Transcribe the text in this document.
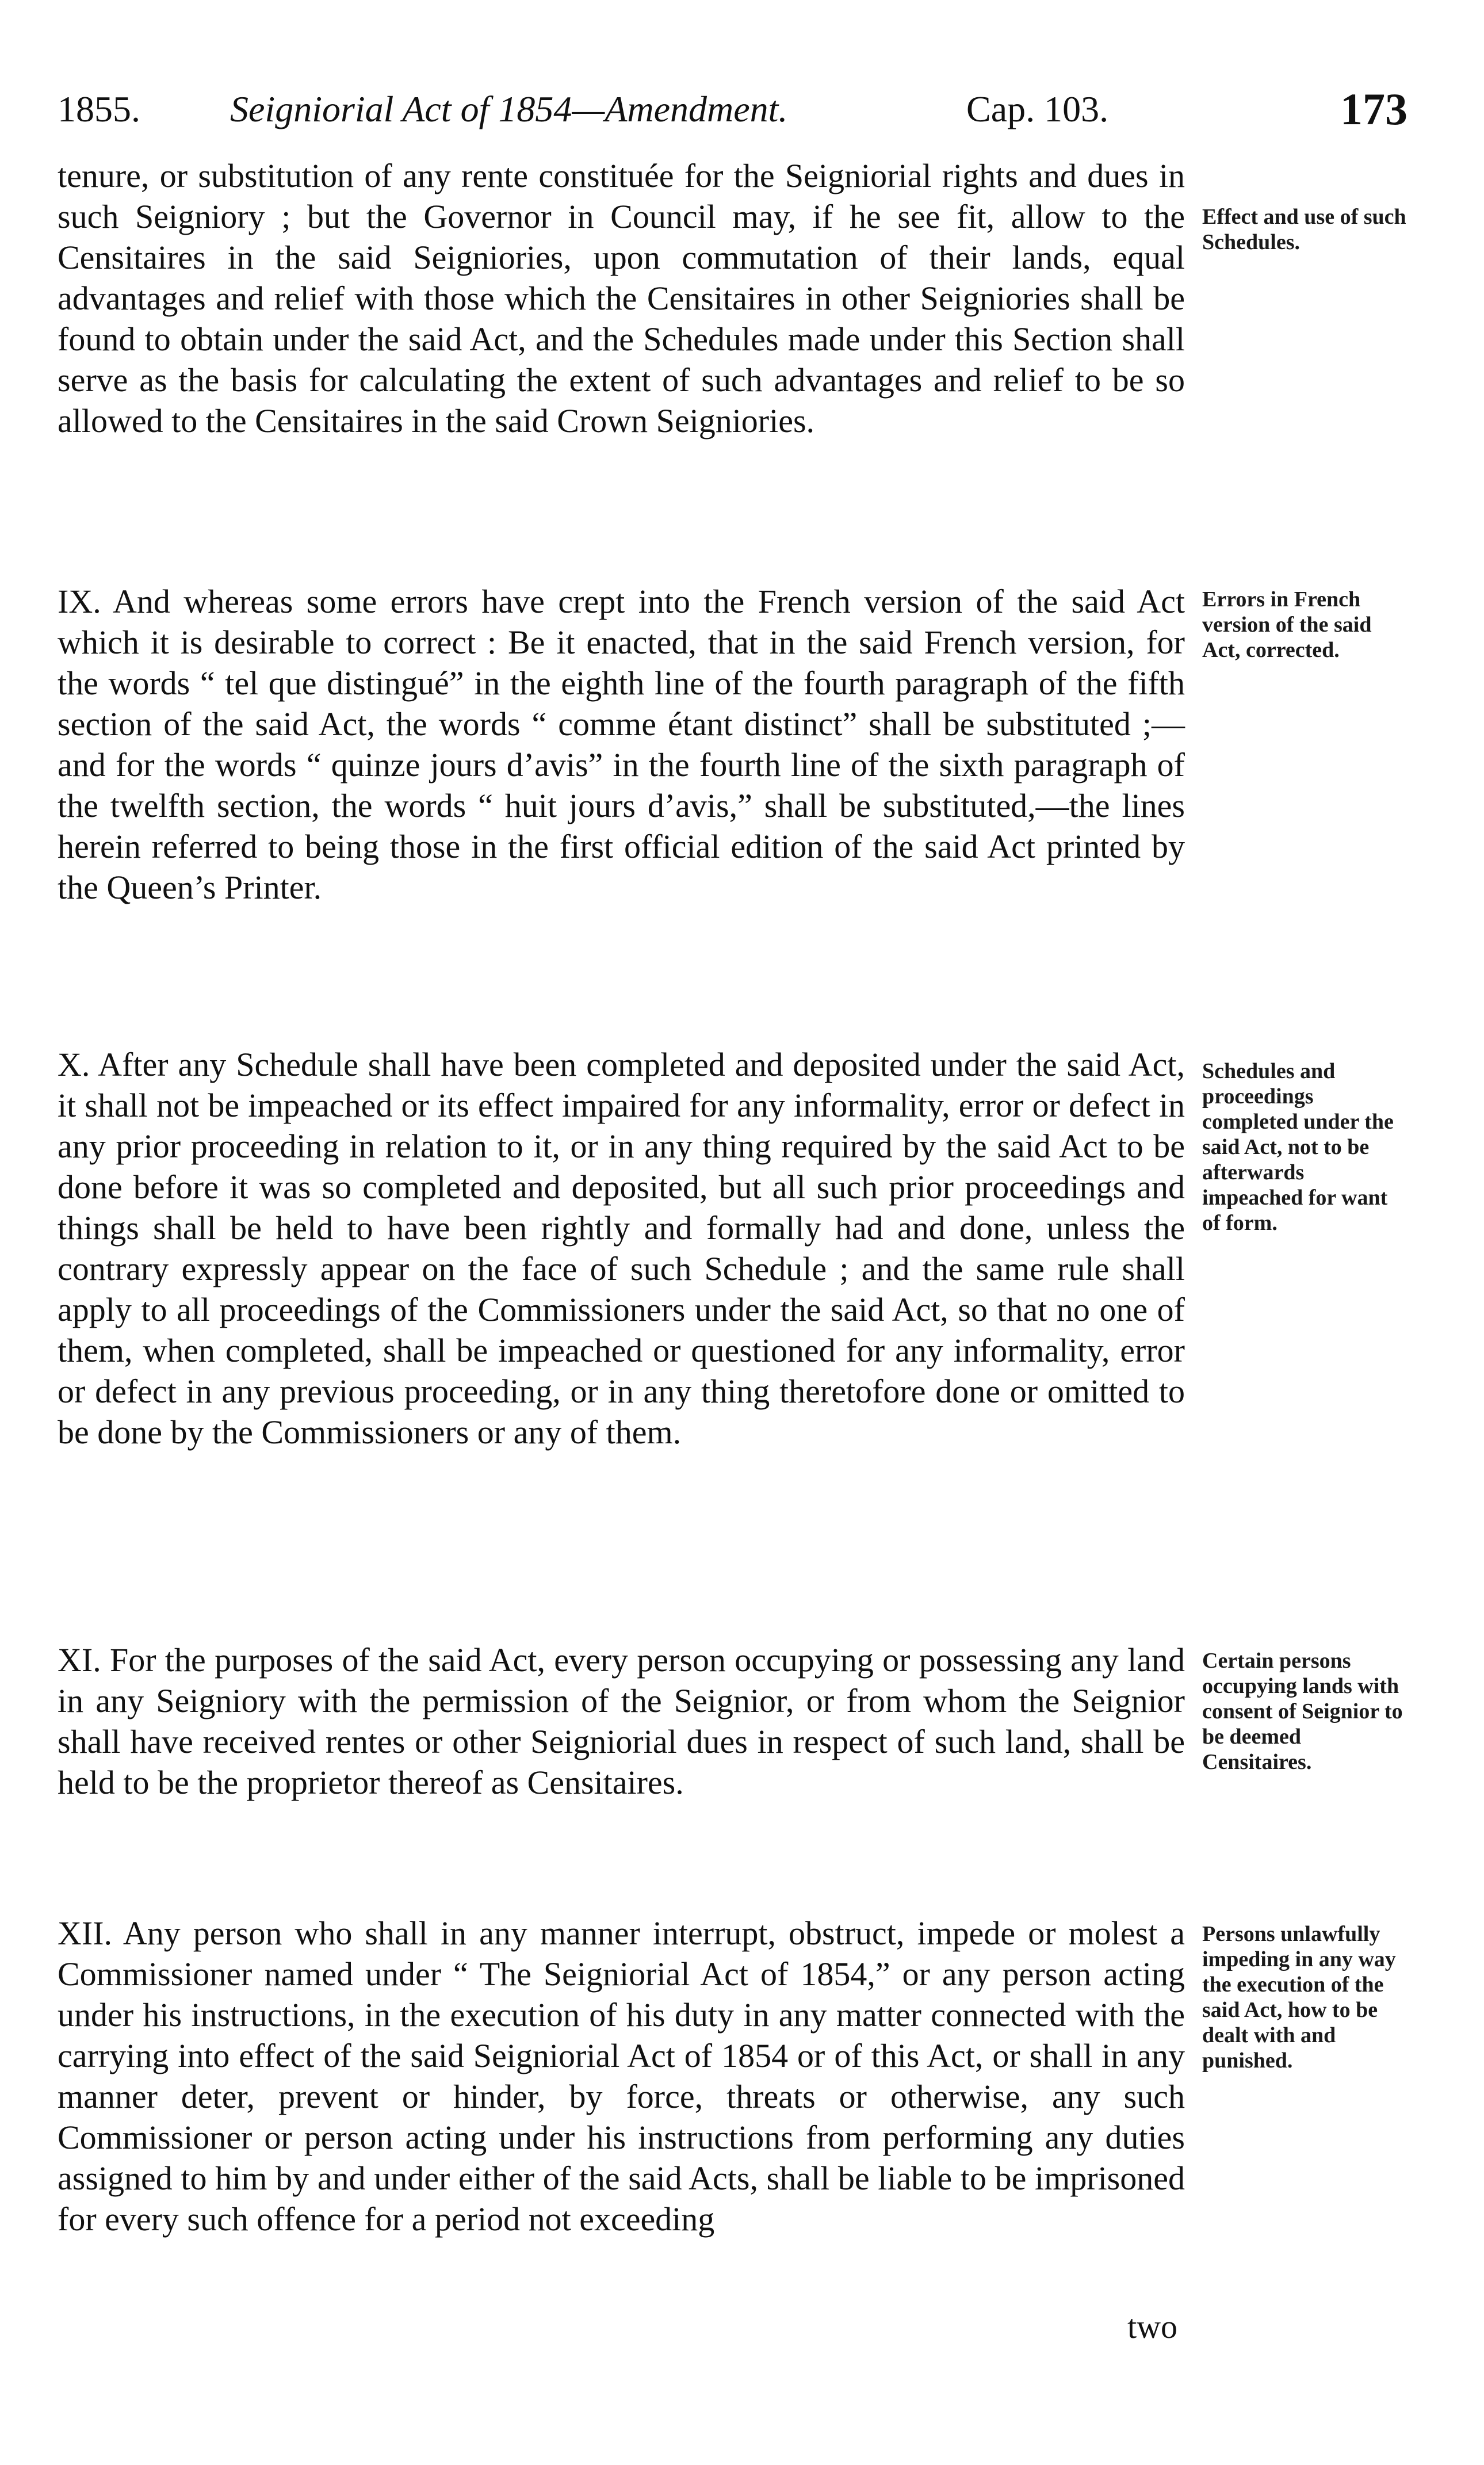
1855. Seigniorial Act of 1854—Amendment.	Cap. 103.	173

tenure, or substitution of any rente constituée for the Seigniorial rights and dues in such Seigniory ; but the Governor in Council may, if he see fit, allow to the Censitaires in the said Seigniories, upon commutation of their lands, equal advantages and relief with those which the Censitaires in other Seigniories shall be found to obtain under the said Act, and the Schedules made under this Section shall serve as the basis for calculating the extent of such advantages and relief to be so allowed to the Censitaires in the said Crown Seigniories.

Effect and use of such Schedules.

IX. And whereas some errors have crept into the French version of the said Act which it is desirable to correct : Be it enacted, that in the said French version, for the words “ tel que distingué” in the eighth line of the fourth paragraph of the fifth section of the said Act, the words “ comme étant distinct” shall be substituted ;—and for the words “ quinze jours d’avis” in the fourth line of the sixth paragraph of the twelfth section, the words “ huit jours d’avis,” shall be substituted,—the lines herein referred to being those in the first official edition of the said Act printed by the Queen’s Printer.

Errors in French version of the said Act, corrected.

X. After any Schedule shall have been completed and deposited under the said Act, it shall not be impeached or its effect impaired for any informality, error or defect in any prior proceeding in relation to it, or in any thing required by the said Act to be done before it was so completed and deposited, but all such prior proceedings and things shall be held to have been rightly and formally had and done, unless the contrary expressly appear on the face of such Schedule ; and the same rule shall apply to all proceedings of the Commissioners under the said Act, so that no one of them, when completed, shall be impeached or questioned for any informality, error or defect in any previous proceeding, or in any thing theretofore done or omitted to be done by the Commissioners or any of them.

Schedules and proceedings completed under the said Act, not to be afterwards impeached for want of form.

XI. For the purposes of the said Act, every person occupying or possessing any land in any Seigniory with the permission of the Seignior, or from whom the Seignior shall have received rentes or other Seigniorial dues in respect of such land, shall be held to be the proprietor thereof as Censitaires.

Certain persons occupying lands with consent of Seignior to be deemed Censitaires.

XII. Any person who shall in any manner interrupt, obstruct, impede or molest a Commissioner named under “ The Seigniorial Act of 1854,” or any person acting under his instructions, in the execution of his duty in any matter connected with the carrying into effect of the said Seigniorial Act of 1854 or of this Act, or shall in any manner deter, prevent or hinder, by force, threats or otherwise, any such Commissioner or person acting under his instructions from performing any duties assigned to him by and under either of the said Acts, shall be liable to be imprisoned for every such offence for a period not exceeding

Persons unlawfully impeding in any way the execution of the said Act, how to be dealt with and punished.

two
